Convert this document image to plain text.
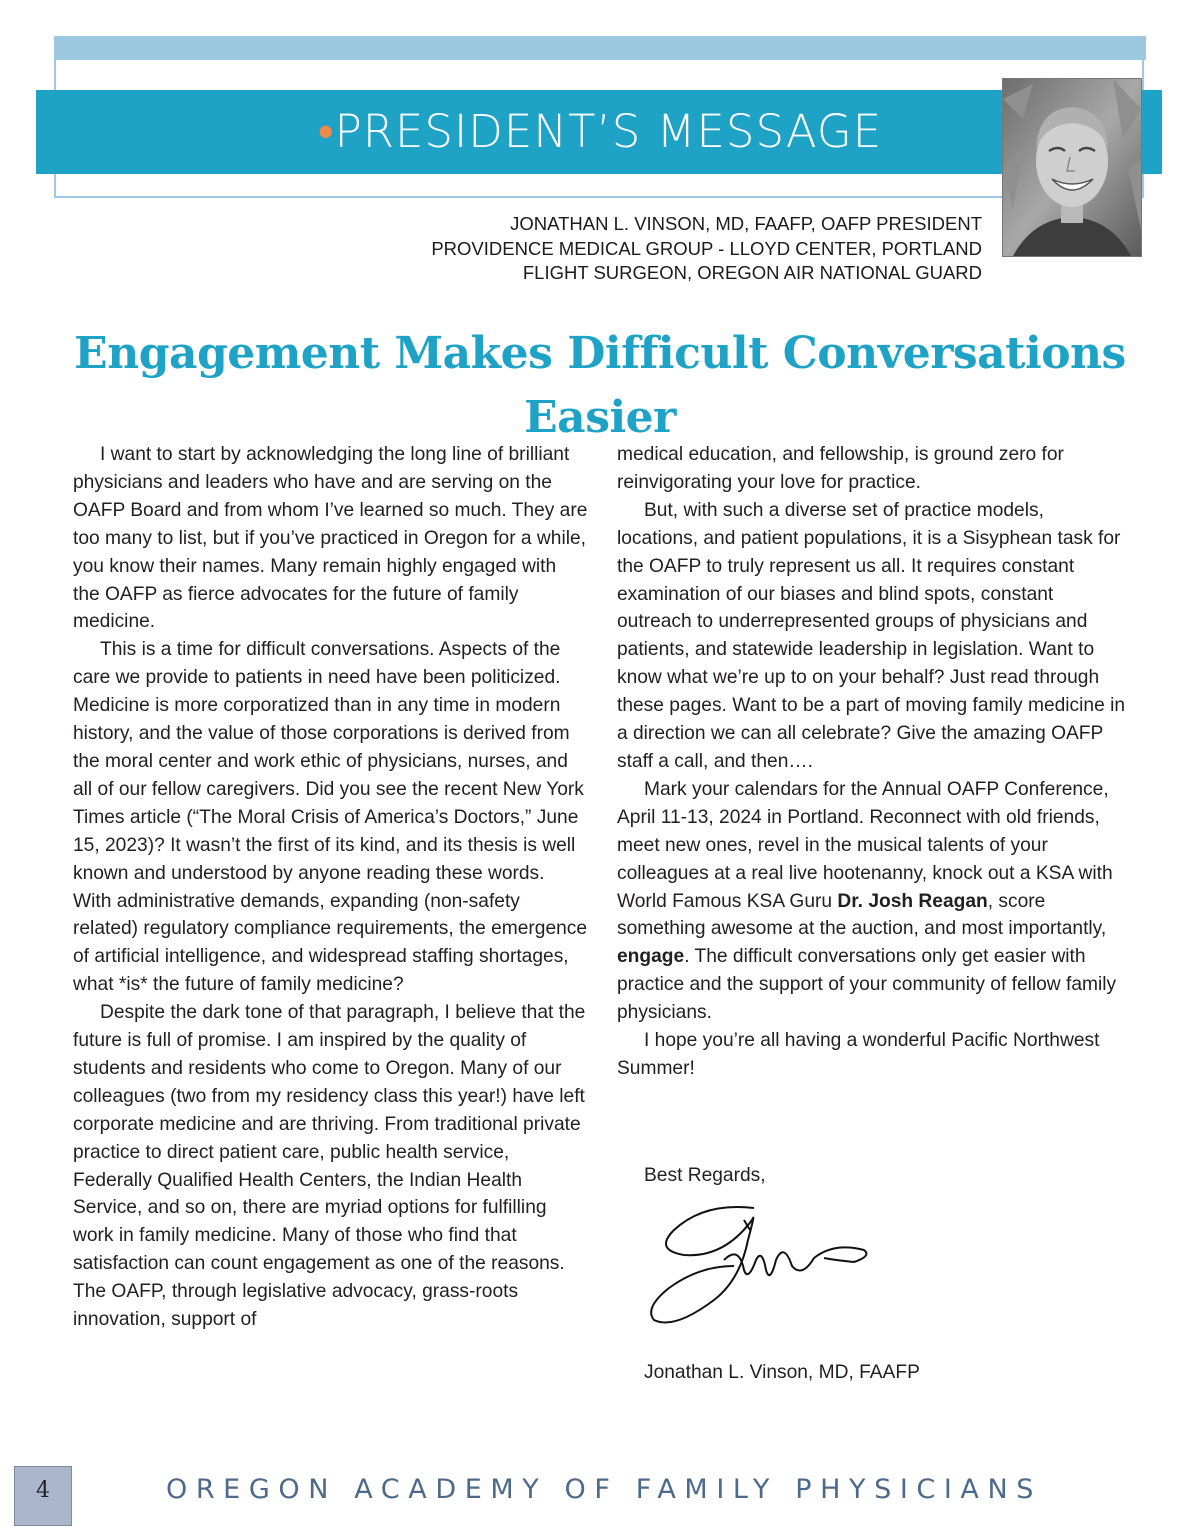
•PRESIDENT’S MESSAGE
JONATHAN L. VINSON, MD, FAAFP, OAFP PRESIDENT
PROVIDENCE MEDICAL GROUP - LLOYD CENTER, PORTLAND
FLIGHT SURGEON, OREGON AIR NATIONAL GUARD
Engagement Makes Difficult Conversations Easier

I want to start by acknowledging the long line of brilliant physicians and leaders who have and are serving on the OAFP Board and from whom I’ve learned so much. They are too many to list, but if you’ve practiced in Oregon for a while, you know their names. Many remain highly engaged with the OAFP as fierce advocates for the future of family medicine.

This is a time for difficult conversations. Aspects of the care we provide to patients in need have been politicized. Medicine is more corporatized than in any time in modern history, and the value of those corporations is derived from the moral center and work ethic of physicians, nurses, and all of our fellow caregivers. Did you see the recent New York Times article (“The Moral Crisis of America’s Doctors,” June 15, 2023)? It wasn’t the first of its kind, and its thesis is well known and understood by anyone reading these words. With administrative demands, expanding (non-safety related) regulatory compliance requirements, the emergence of artificial intelligence, and widespread staffing shortages, what *is* the future of family medicine?

Despite the dark tone of that paragraph, I believe that the future is full of promise. I am inspired by the quality of students and residents who come to Oregon. Many of our colleagues (two from my residency class this year!) have left corporate medicine and are thriving. From traditional private practice to direct patient care, public health service, Federally Qualified Health Centers, the Indian Health Service, and so on, there are myriad options for fulfilling work in family medicine. Many of those who find that satisfaction can count engagement as one of the reasons. The OAFP, through legislative advocacy, grass-roots innovation, support of

medical education, and fellowship, is ground zero for reinvigorating your love for practice.

But, with such a diverse set of practice models, locations, and patient populations, it is a Sisyphean task for the OAFP to truly represent us all. It requires constant examination of our biases and blind spots, constant outreach to underrepresented groups of physicians and patients, and statewide leadership in legislation. Want to know what we’re up to on your behalf? Just read through these pages. Want to be a part of moving family medicine in a direction we can all celebrate? Give the amazing OAFP staff a call, and then….

Mark your calendars for the Annual OAFP Conference, April 11-13, 2024 in Portland. Reconnect with old friends, meet new ones, revel in the musical talents of your colleagues at a real live hootenanny, knock out a KSA with World Famous KSA Guru Dr. Josh Reagan, score something awesome at the auction, and most importantly, engage. The difficult conversations only get easier with practice and the support of your community of fellow family physicians.

I hope you’re all having a wonderful Pacific Northwest Summer!

Best Regards,
Jonathan L. Vinson, MD, FAAFP
4	OREGON ACADEMY OF FAMILY PHYSICIANS
